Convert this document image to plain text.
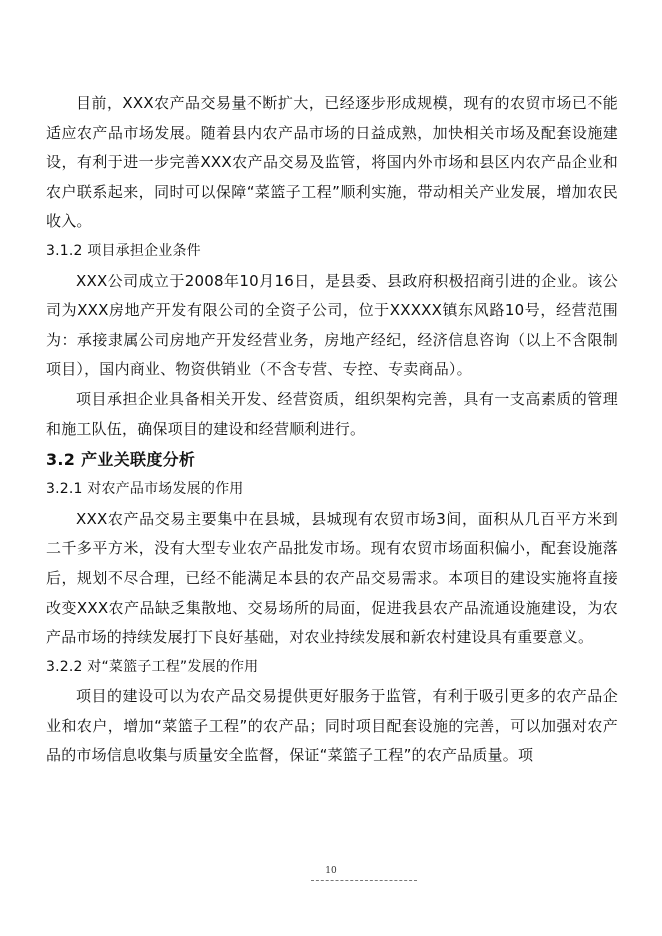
目前，XXX农产品交易量不断扩大，已经逐步形成规模，现有的农贸市场已不能适应农产品市场发展。随着县内农产品市场的日益成熟，加快相关市场及配套设施建设，有利于进一步完善XXX农产品交易及监管，将国内外市场和县区内农产品企业和农户联系起来，同时可以保障“菜篮子工程”顺利实施，带动相关产业发展，增加农民收入。

3.1.2 项目承担企业条件

XXX公司成立于2008年10月16日，是县委、县政府积极招商引进的企业。该公司为XXX房地产开发有限公司的全资子公司，位于XXXXX镇东风路10号，经营范围为：承接隶属公司房地产开发经营业务，房地产经纪，经济信息咨询（以上不含限制项目），国内商业、物资供销业（不含专营、专控、专卖商品）。

项目承担企业具备相关开发、经营资质，组织架构完善，具有一支高素质的管理和施工队伍，确保项目的建设和经营顺利进行。

3.2 产业关联度分析

3.2.1 对农产品市场发展的作用

XXX农产品交易主要集中在县城，县城现有农贸市场3间，面积从几百平方米到二千多平方米，没有大型专业农产品批发市场。现有农贸市场面积偏小，配套设施落后，规划不尽合理，已经不能满足本县的农产品交易需求。本项目的建设实施将直接改变XXX农产品缺乏集散地、交易场所的局面，促进我县农产品流通设施建设，为农产品市场的持续发展打下良好基础，对农业持续发展和新农村建设具有重要意义。

3.2.2 对“菜篮子工程”发展的作用

项目的建设可以为农产品交易提供更好服务于监管，有利于吸引更多的农产品企业和农户，增加“菜篮子工程”的农产品；同时项目配套设施的完善，可以加强对农产品的市场信息收集与质量安全监督，保证“菜篮子工程”的农产品质量。项

10
